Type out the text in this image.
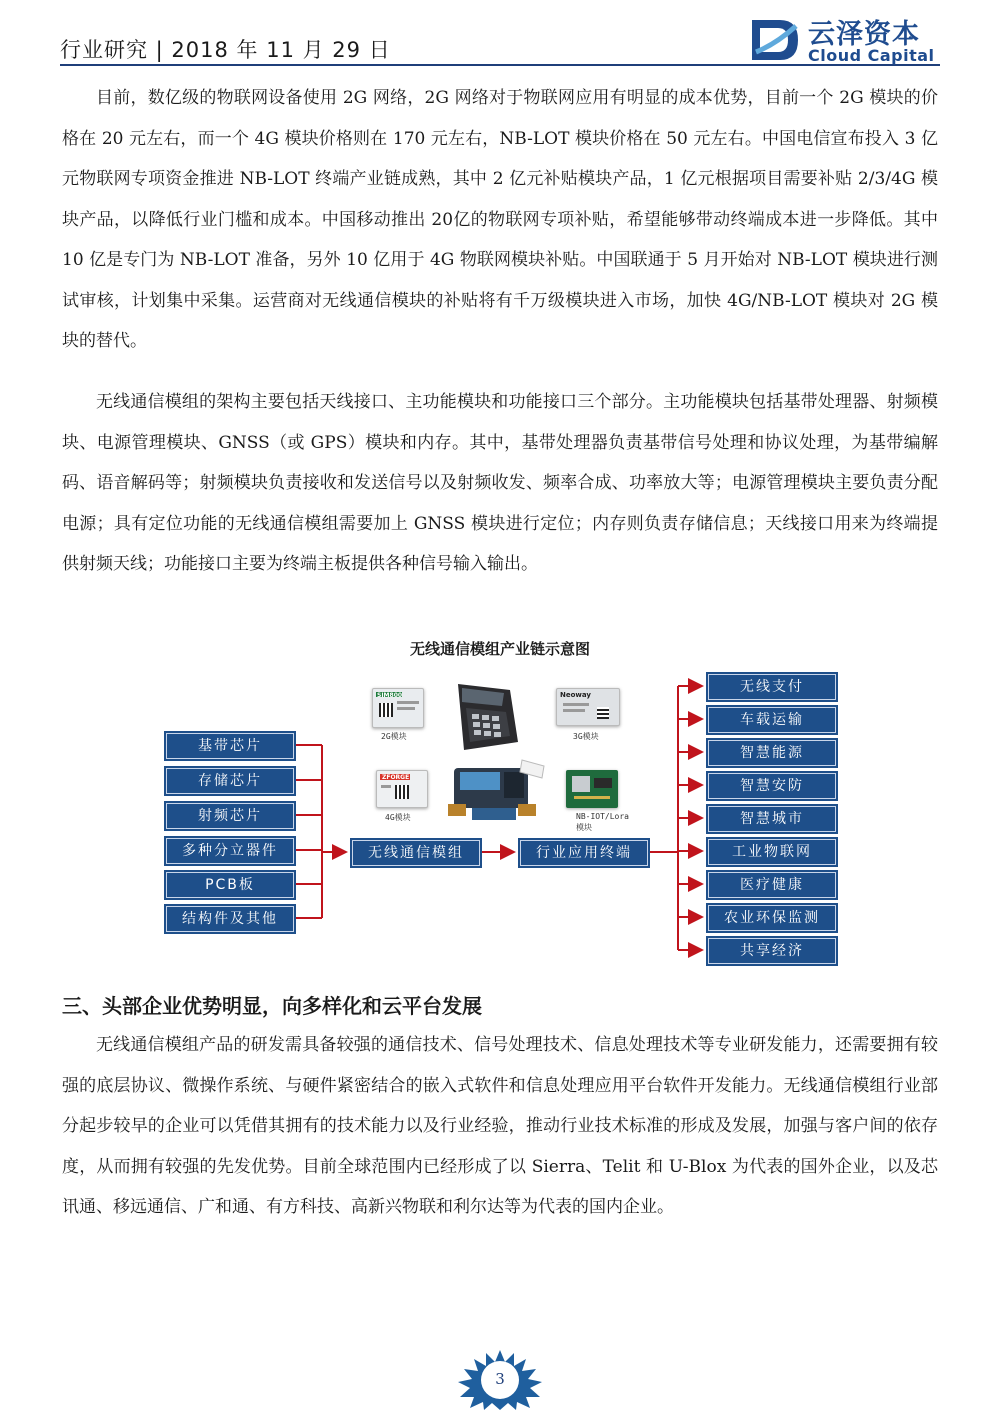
行业研究 | 2018 年 11 月 29 日	云泽资本
Cloud Capital
目前，数亿级的物联网设备使用 2G 网络，2G 网络对于物联网应用有明显的成本优势，目前一个 2G 模块的价格在 20 元左右，而一个 4G 模块价格则在 170 元左右，NB-LOT 模块价格在 50 元左右。中国电信宣布投入 3 亿元物联网专项资金推进 NB-LOT 终端产业链成熟，其中 2 亿元补贴模块产品，1 亿元根据项目需要补贴 2/3/4G 模块产品，以降低行业门槛和成本。中国移动推出 20亿的物联网专项补贴，希望能够带动终端成本进一步降低。其中 10 亿是专门为 NB-LOT 准备，另外 10 亿用于 4G 物联网模块补贴。中国联通于 5 月开始对 NB-LOT 模块进行测试审核，计划集中采集。运营商对无线通信模块的补贴将有千万级模块进入市场，加快 4G/NB-LOT 模块对 2G 模块的替代。
无线通信模组的架构主要包括天线接口、主功能模块和功能接口三个部分。主功能模块包括基带处理器、射频模块、电源管理模块、GNSS（或 GPS）模块和内存。其中，基带处理器负责基带信号处理和协议处理，为基带编解码、语音解码等；射频模块负责接收和发送信号以及射频收发、频率合成、功率放大等；电源管理模块主要负责分配电源；具有定位功能的无线通信模组需要加上 GNSS 模块进行定位；内存则负责存储信息；天线接口用来为终端提供射频天线；功能接口主要为终端主板提供各种信号输入输出。
无线通信模组产业链示意图
基带芯片
存储芯片
射频芯片
多种分立器件
PCB板
结构件及其他
无线通信模组	行业应用终端
无线支付
车载运输
智慧能源
智慧安防
智慧城市
工业物联网
医疗健康
农业环保监测
共享经济
SIM800
2G模块
Neoway
3G模块
ZFORGE
4G模块	NB-IOT/Lora
模块
三、头部企业优势明显，向多样化和云平台发展
无线通信模组产品的研发需具备较强的通信技术、信号处理技术、信息处理技术等专业研发能力，还需要拥有较强的底层协议、微操作系统、与硬件紧密结合的嵌入式软件和信息处理应用平台软件开发能力。无线通信模组行业部分起步较早的企业可以凭借其拥有的技术能力以及行业经验，推动行业技术标准的形成及发展，加强与客户间的依存度，从而拥有较强的先发优势。目前全球范围内已经形成了以 Sierra、Telit 和 U-Blox 为代表的国外企业，以及芯讯通、移远通信、广和通、有方科技、高新兴物联和利尔达等为代表的国内企业。
3
